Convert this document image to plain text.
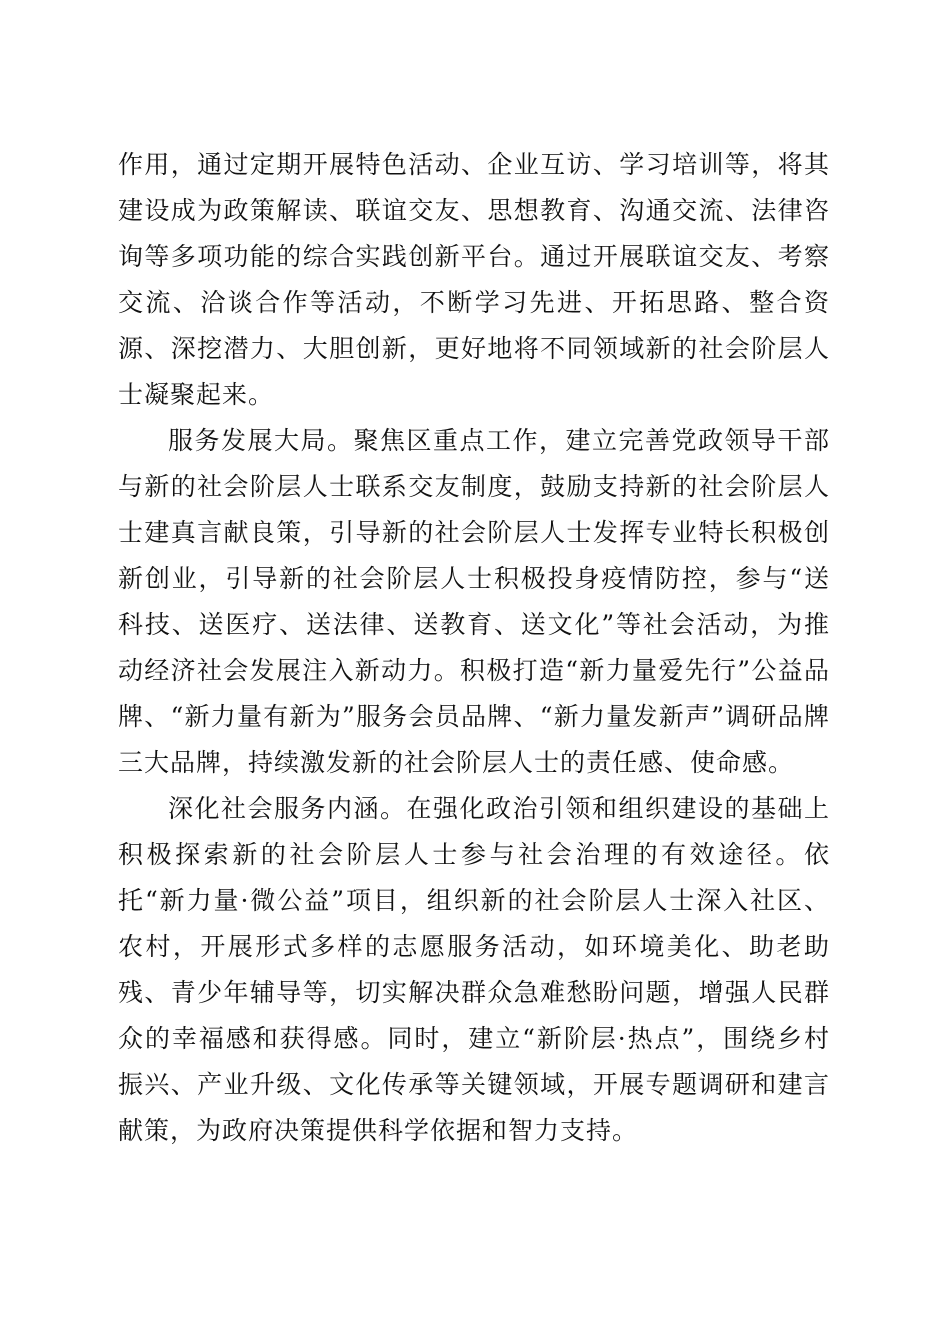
作用，通过定期开展特色活动、企业互访、学习培训等，将其建设成为政策解读、联谊交友、思想教育、沟通交流、法律咨询等多项功能的综合实践创新平台。通过开展联谊交友、考察交流、洽谈合作等活动，不断学习先进、开拓思路、整合资源、深挖潜力、大胆创新，更好地将不同领域新的社会阶层人士凝聚起来。

服务发展大局。聚焦区重点工作，建立完善党政领导干部与新的社会阶层人士联系交友制度，鼓励支持新的社会阶层人士建真言献良策，引导新的社会阶层人士发挥专业特长积极创新创业，引导新的社会阶层人士积极投身疫情防控，参与“送科技、送医疗、送法律、送教育、送文化”等社会活动，为推动经济社会发展注入新动力。积极打造“新力量爱先行”公益品牌、“新力量有新为”服务会员品牌、“新力量发新声”调研品牌三大品牌，持续激发新的社会阶层人士的责任感、使命感。

深化社会服务内涵。在强化政治引领和组织建设的基础上积极探索新的社会阶层人士参与社会治理的有效途径。依托“新力量·微公益”项目，组织新的社会阶层人士深入社区、农村，开展形式多样的志愿服务活动，如环境美化、助老助残、青少年辅导等，切实解决群众急难愁盼问题，增强人民群众的幸福感和获得感。同时，建立“新阶层·热点”，围绕乡村振兴、产业升级、文化传承等关键领域，开展专题调研和建言献策，为政府决策提供科学依据和智力支持。
